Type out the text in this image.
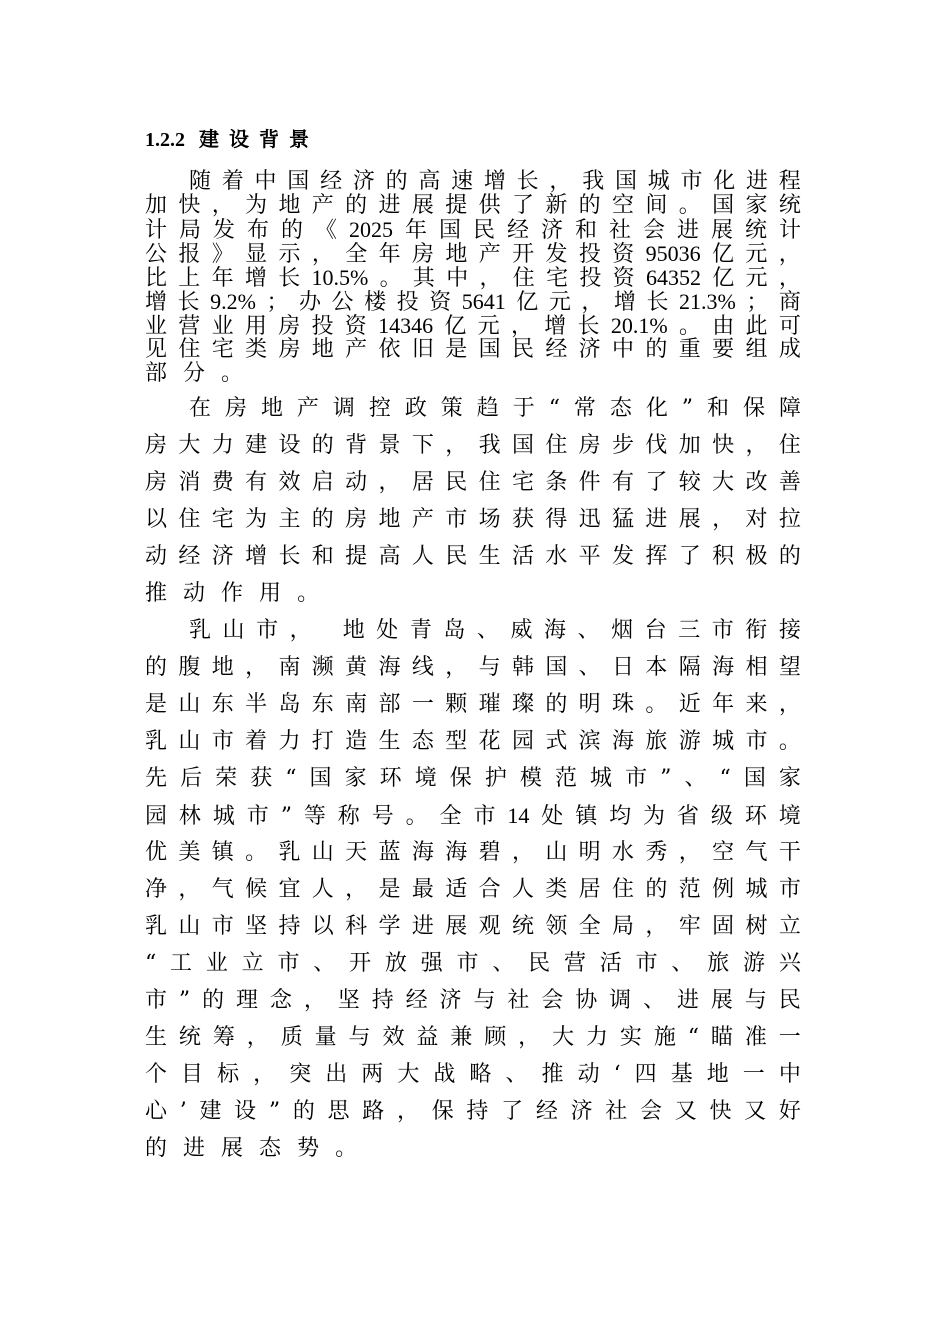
1.2.2 建设背景
随 着 中 国 经 济 的 高 速 增 长 ， 我 国 城 市 化 进 程
加 快 ， 为 地 产 的 进 展 提 供 了 新 的 空 间 。 国 家 统
计 局 发 布 的 《 2025 年 国 民 经 济 和 社 会 进 展 统 计
公 报 》 显 示 ， 全 年 房 地 产 开 发 投 资 95036 亿 元 ，
比 上 年 增 长 10.5% 。 其 中 ， 住 宅 投 资 64352 亿 元 ，
增 长 9.2% ； 办 公 楼 投 资 5641 亿 元 ， 增 长 21.3% ； 商
业 营 业 用 房 投 资 14346 亿 元 ， 增 长 20.1% 。 由 此 可
见 住 宅 类 房 地 产 依 旧 是 国 民 经 济 中 的 重 要 组 成
部 分 。
在 房 地 产 调 控 政 策 趋 于 “ 常 态 化 ” 和 保 障
房 大 力 建 设 的 背 景 下 ， 我 国 住 房 步 伐 加 快 ， 住
房 消 费 有 效 启 动 ， 居 民 住 宅 条 件 有 了 较 大 改 善
以 住 宅 为 主 的 房 地 产 市 场 获 得 迅 猛 进 展 ， 对 拉
动 经 济 增 长 和 提 高 人 民 生 活 水 平 发 挥 了 积 极 的
推 动 作 用 。
乳 山 市 ， 地 处 青 岛 、 威 海 、 烟 台 三 市 衔 接
的 腹 地 ， 南 濒 黄 海 线 ， 与 韩 国 、 日 本 隔 海 相 望
是 山 东 半 岛 东 南 部 一 颗 璀 璨 的 明 珠 。 近 年 来 ，
乳 山 市 着 力 打 造 生 态 型 花 园 式 滨 海 旅 游 城 市 。
先 后 荣 获 “ 国 家 环 境 保 护 模 范 城 市 ” 、 “ 国 家
园 林 城 市 ” 等 称 号 。 全 市 14 处 镇 均 为 省 级 环 境
优 美 镇 。 乳 山 天 蓝 海 海 碧 ， 山 明 水 秀 ， 空 气 干
净 ， 气 候 宜 人 ， 是 最 适 合 人 类 居 住 的 范 例 城 市
乳 山 市 坚 持 以 科 学 进 展 观 统 领 全 局 ， 牢 固 树 立
“ 工 业 立 市 、 开 放 强 市 、 民 营 活 市 、 旅 游 兴
市 ” 的 理 念 ， 坚 持 经 济 与 社 会 协 调 、 进 展 与 民
生 统 筹 ， 质 量 与 效 益 兼 顾 ， 大 力 实 施 “ 瞄 准 一
个 目 标 ， 突 出 两 大 战 略 、 推 动 ‘ 四 基 地 一 中
心 ’ 建 设 ” 的 思 路 ， 保 持 了 经 济 社 会 又 快 又 好
的 进 展 态 势 。
